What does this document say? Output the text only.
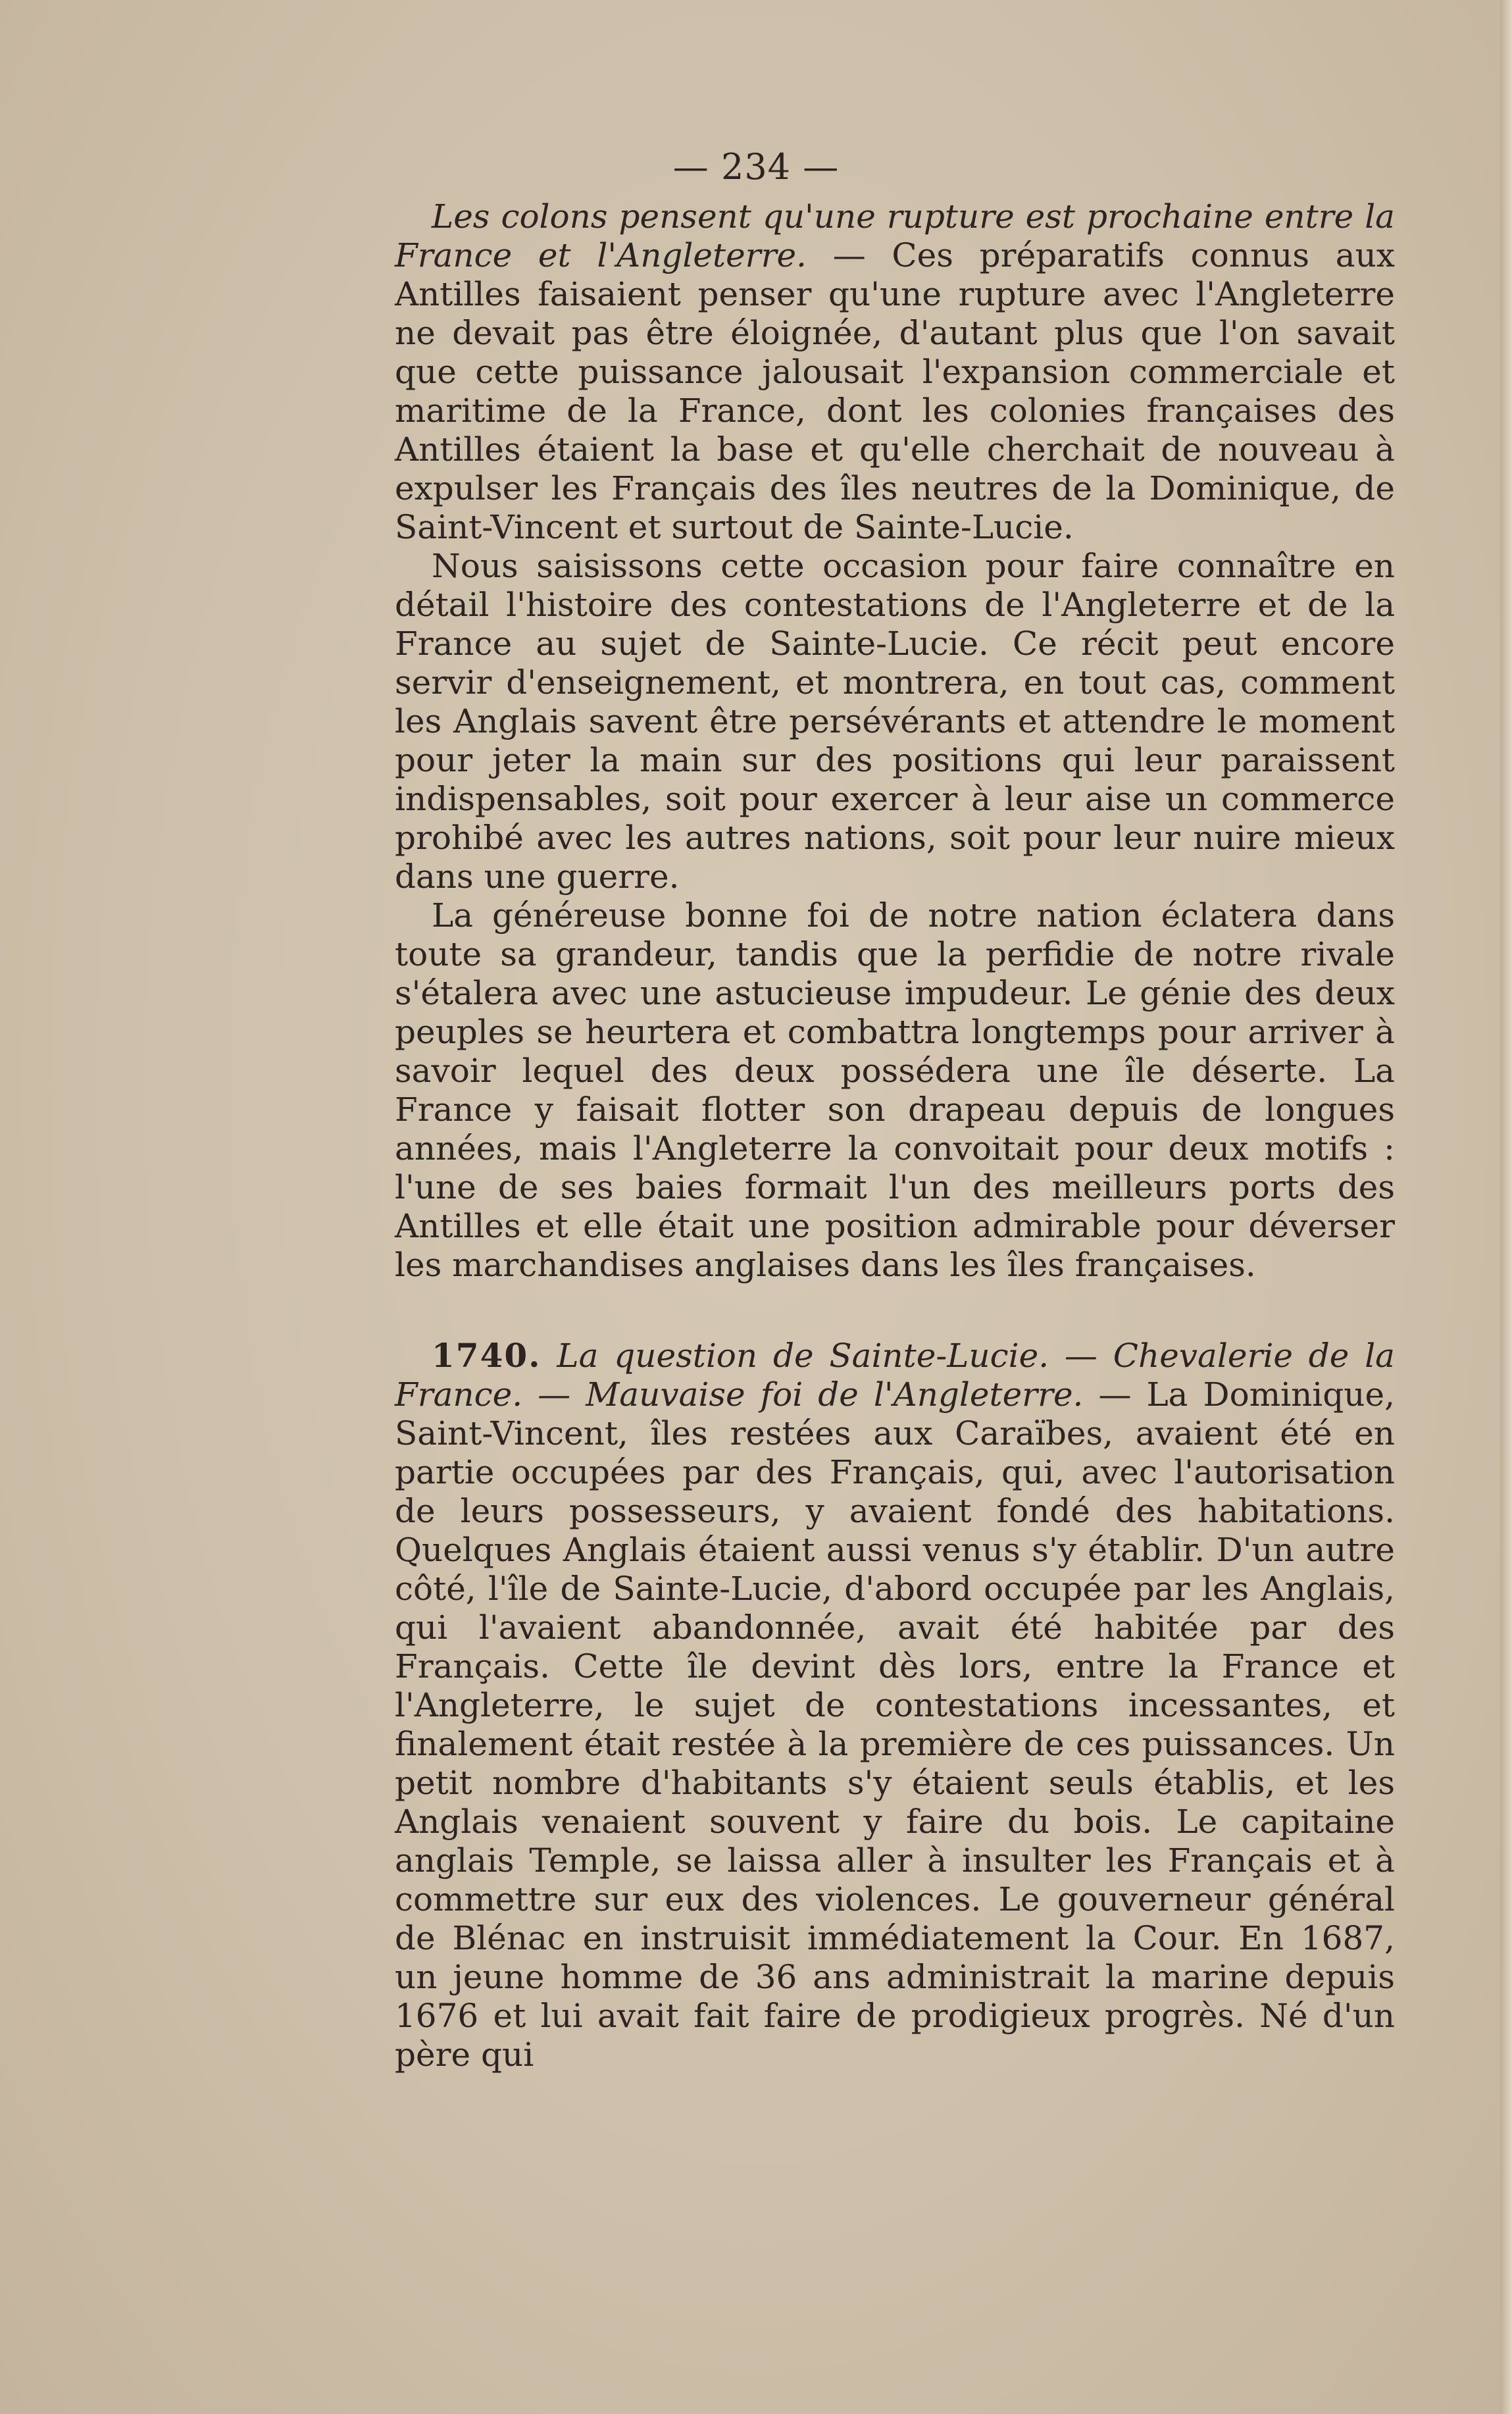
— 234 —

Les colons pensent qu'une rupture est prochaine entre la France et l'Angleterre. — Ces préparatifs connus aux Antilles faisaient penser qu'une rupture avec l'Angleterre ne devait pas être éloignée, d'autant plus que l'on savait que cette puissance jalousait l'expansion commerciale et maritime de la France, dont les colonies françaises des Antilles étaient la base et qu'elle cherchait de nouveau à expulser les Français des îles neutres de la Dominique, de Saint-Vincent et surtout de Sainte-Lucie.

Nous saisissons cette occasion pour faire connaître en détail l'histoire des contestations de l'Angleterre et de la France au sujet de Sainte-Lucie. Ce récit peut encore servir d'enseignement, et montrera, en tout cas, comment les Anglais savent être persévérants et attendre le moment pour jeter la main sur des positions qui leur paraissent indispensables, soit pour exercer à leur aise un commerce prohibé avec les autres nations, soit pour leur nuire mieux dans une guerre.

La généreuse bonne foi de notre nation éclatera dans toute sa grandeur, tandis que la perfidie de notre rivale s'étalera avec une astucieuse impudeur. Le génie des deux peuples se heurtera et combattra longtemps pour arriver à savoir lequel des deux possédera une île déserte. La France y faisait flotter son drapeau depuis de longues années, mais l'Angleterre la convoitait pour deux motifs : l'une de ses baies formait l'un des meilleurs ports des Antilles et elle était une position admirable pour déverser les marchandises anglaises dans les îles françaises.

1740. La question de Sainte-Lucie. — Chevalerie de la France. — Mauvaise foi de l'Angleterre. — La Dominique, Saint-Vincent, îles restées aux Caraïbes, avaient été en partie occupées par des Français, qui, avec l'autorisation de leurs possesseurs, y avaient fondé des habitations. Quelques Anglais étaient aussi venus s'y établir. D'un autre côté, l'île de Sainte-Lucie, d'abord occupée par les Anglais, qui l'avaient abandonnée, avait été habitée par des Français. Cette île devint dès lors, entre la France et l'Angleterre, le sujet de contestations incessantes, et finalement était restée à la première de ces puissances. Un petit nombre d'habitants s'y étaient seuls établis, et les Anglais venaient souvent y faire du bois. Le capitaine anglais Temple, se laissa aller à insulter les Français et à commettre sur eux des violences. Le gouverneur général de Blénac en instruisit immédiatement la Cour. En 1687, un jeune homme de 36 ans administrait la marine depuis 1676 et lui avait fait faire de prodigieux progrès. Né d'un père qui
